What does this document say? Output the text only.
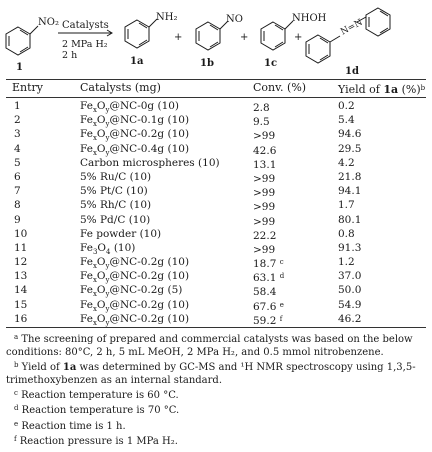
NO₂ Catalysts
2 MPa H₂
2 h
1
NH₂
1a
+
NO
1b
+
NHOH
1c
+	N=N
1d
Entry	Catalysts (mg)	Conv. (%)	Yield of 1a (%)$^b$
1	$Fe_xO_y@NC-0g$ (10)	2.8	0.2
2	$Fe_xO_y@NC-0.1g$ (10)	9.5	5.4
3	$Fe_xO_y@NC-0.2g$ (10)	>99	94.6
4	$Fe_xO_y@NC-0.4g$ (10)	42.6	29.5
5	Carbon microspheres (10)	13.1	4.2
6	5% Ru/C (10)	>99	21.8
7	5% Pt/C (10)	>99	94.1
8	5% Rh/C (10)	>99	1.7
9	5% Pd/C (10)	>99	80.1
10	Fe powder (10)	22.2	0.8
11	$Fe_3O_4$ (10)	>99	91.3
12	$Fe_xO_y@NC-0.2g$ (10)	18.7 $^c$	1.2
13	$Fe_xO_y@NC-0.2g$ (10)	63.1 $^d$	37.0
14	$Fe_xO_y@NC-0.2g$ (5)	58.4	50.0
15	$Fe_xO_y@NC-0.2g$ (10)	67.6 $^e$	54.9
16	$Fe_xO_y@NC-0.2g$ (10)	59.2 $^f$	46.2
$^a$ The screening of prepared and commercial catalysts was based on the below conditions: 80°C, 2 h, 5 mL MeOH, 2 MPa H₂, and 0.5 mmol nitrobenzene.
$^b$ Yield of 1a was determined by GC-MS and ¹H NMR spectroscopy using 1,3,5-trimethoxybenzen as an internal standard.
$^c$ Reaction temperature is 60 °C.
$^d$ Reaction temperature is 70 °C.
$^e$ Reaction time is 1 h.
$^f$ Reaction pressure is 1 MPa H₂.
